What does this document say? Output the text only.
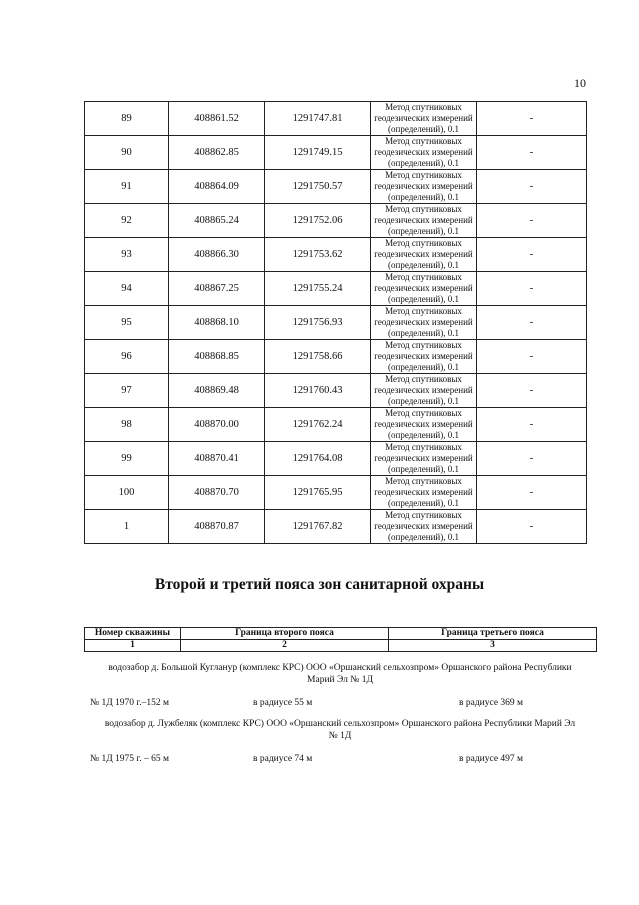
10
89	408861.52	1291747.81	Метод спутниковых
геодезических измерений
(определений), 0.1	-
90	408862.85	1291749.15	Метод спутниковых
геодезических измерений
(определений), 0.1	-
91	408864.09	1291750.57	Метод спутниковых
геодезических измерений
(определений), 0.1	-
92	408865.24	1291752.06	Метод спутниковых
геодезических измерений
(определений), 0.1	-
93	408866.30	1291753.62	Метод спутниковых
геодезических измерений
(определений), 0.1	-
94	408867.25	1291755.24	Метод спутниковых
геодезических измерений
(определений), 0.1	-
95	408868.10	1291756.93	Метод спутниковых
геодезических измерений
(определений), 0.1	-
96	408868.85	1291758.66	Метод спутниковых
геодезических измерений
(определений), 0.1	-
97	408869.48	1291760.43	Метод спутниковых
геодезических измерений
(определений), 0.1	-
98	408870.00	1291762.24	Метод спутниковых
геодезических измерений
(определений), 0.1	-
99	408870.41	1291764.08	Метод спутниковых
геодезических измерений
(определений), 0.1	-
100	408870.70	1291765.95	Метод спутниковых
геодезических измерений
(определений), 0.1	-
1	408870.87	1291767.82	Метод спутниковых
геодезических измерений
(определений), 0.1	-
Второй и третий пояса зон санитарной охраны
Номер скважины	Граница второго пояса	Граница третьего пояса
1	2	3
водозабор д. Большой Кугланур (комплекс КРС) ООО «Оршанский сельхозпром» Оршанского района Республики
Марий Эл № 1Д
№ 1Д 1970 г.–152 м	в радиусе 55 м	в радиусе 369 м
водозабор д. Лужбеляк (комплекс КРС) ООО «Оршанский сельхозпром» Оршанского района Республики Марий Эл
№ 1Д
№ 1Д 1975 г. – 65 м	в радиусе 74 м	в радиусе 497 м
